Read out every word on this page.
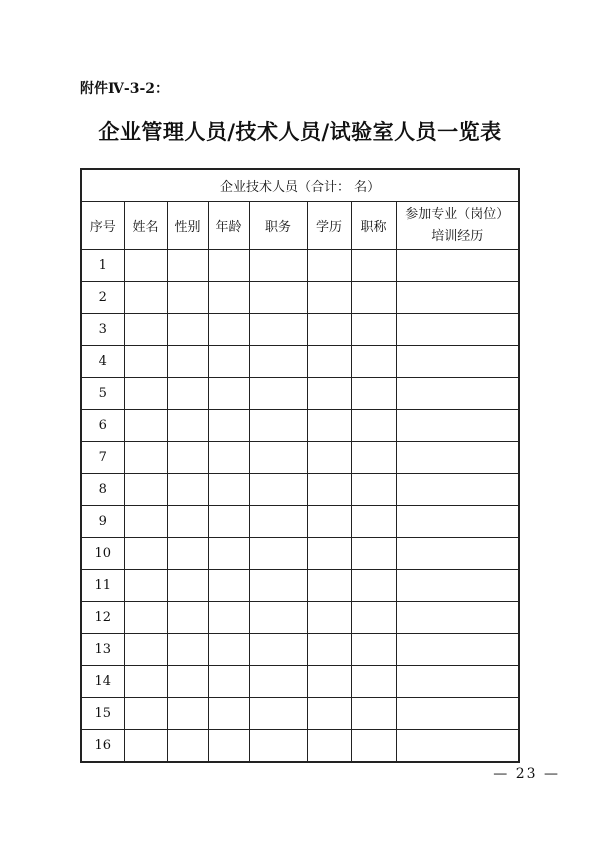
附件Ⅳ-3-2：
企业管理人员/技术人员/试验室人员一览表
企业技术人员（合计： 名）							
序号	姓名	性别	年龄	职务	学历	职称	参加专业（岗位）
培训经历

1							
2							
3							
4							
5							
6							
7							
8							
9							
10							
11							
12							
13							
14							
15							
16							
— 23 —
